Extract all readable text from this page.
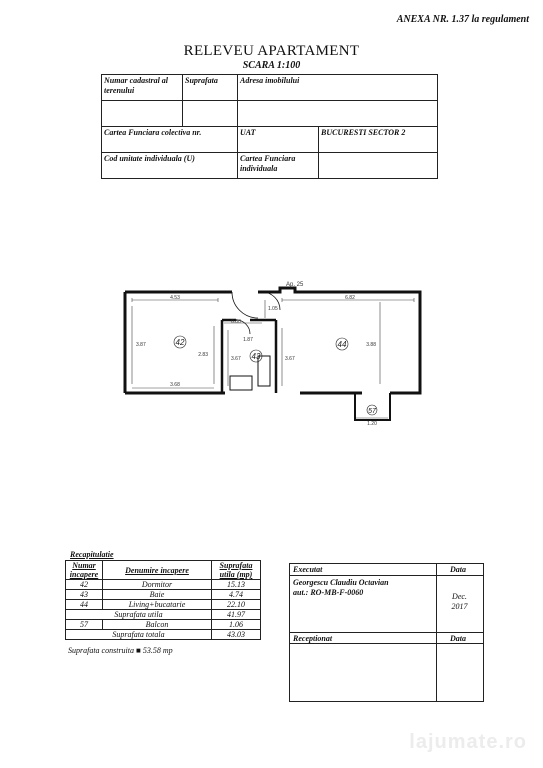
ANEXA NR. 1.37 la regulament
RELEVEU APARTAMENT
SCARA 1:100
Numar cadastral al terenului	Suprafata	Adresa imobilului	

Cartea Funciara colectiva nr.		UAT	BUCURESTI SECTOR 2
Cod unitate individuala (U)		Cartea Funciara individuala	
42
43
44
57
Ap. 25
4.53	6.82
0.80
1.05
1.87
3.87
2.83
3.67	3.67
3.88
3.68
1.20
Recapitulatie
Numar incapere	Denumire incapere	Suprafata utila (mp)
42	Dormitor	15.13
43	Baie	4.74
44	Living+bucatarie	22.10
Suprafata utila		41.97
57	Balcon	1.06
Suprafata totala		43.03
Suprafata construita ■ 53.58 mp
Executat	Data
Georgescu Claudiu Octavian
aut.: RO-MB-F-0060	Dec.
2017
Receptionat	Data
lajumate.ro
